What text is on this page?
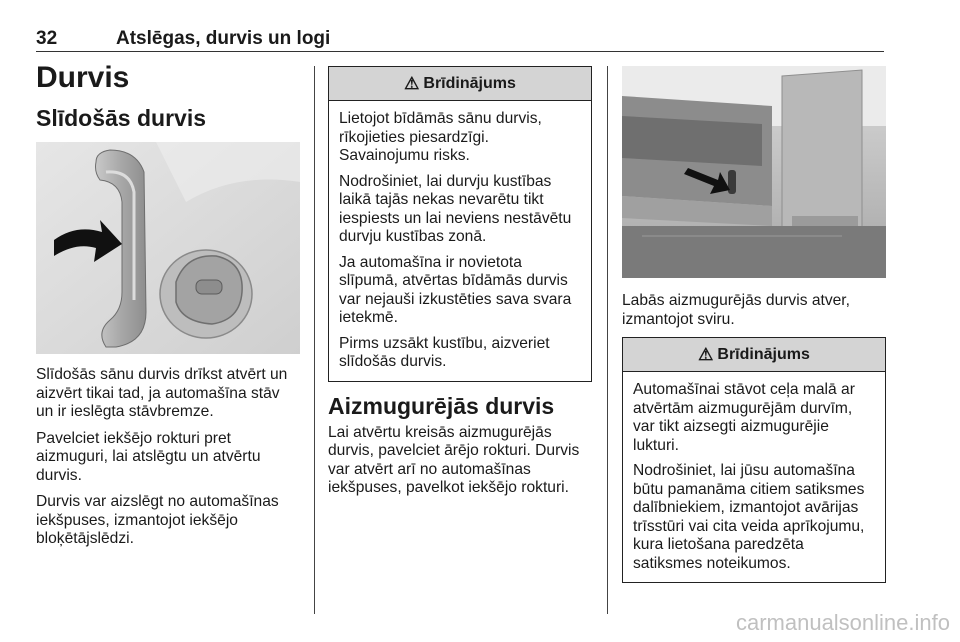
32	Atslēgas, durvis un logi
Durvis
Slīdošās durvis

Slīdošās sānu durvis drīkst atvērt un aizvērt tikai tad, ja automašīna stāv un ir ieslēgta stāvbremze.

Pavelciet iekšējo rokturi pret aizmuguri, lai atslēgtu un atvērtu durvis.

Durvis var aizslēgt no automašīnas iekšpuses, izmantojot iekšējo bloķētājslēdzi.

⚠ Brīdinājums

Lietojot bīdāmās sānu durvis, rīkojieties piesardzīgi. Savainojumu risks.

Nodrošiniet, lai durvju kustības laikā tajās nekas nevarētu tikt iespiests un lai neviens nestāvētu durvju kustības zonā.

Ja automašīna ir novietota slīpumā, atvērtas bīdāmās durvis var nejauši izkustēties sava svara ietekmē.

Pirms uzsākt kustību, aizveriet slīdošās durvis.

Aizmugurējās durvis

Lai atvērtu kreisās aizmugurējās durvis, pavelciet ārējo rokturi. Durvis var atvērt arī no automašīnas iekšpuses, pavelkot iekšējo rokturi.

Labās aizmugurējās durvis atver, izmantojot sviru.

⚠ Brīdinājums

Automašīnai stāvot ceļa malā ar atvērtām aizmugurējām durvīm, var tikt aizsegti aizmugurējie lukturi.

Nodrošiniet, lai jūsu automašīna būtu pamanāma citiem satiksmes dalībniekiem, izmantojot avārijas trīsstūri vai cita veida aprīkojumu, kura lietošana paredzēta satiksmes noteikumos.

carmanualsonline.info
